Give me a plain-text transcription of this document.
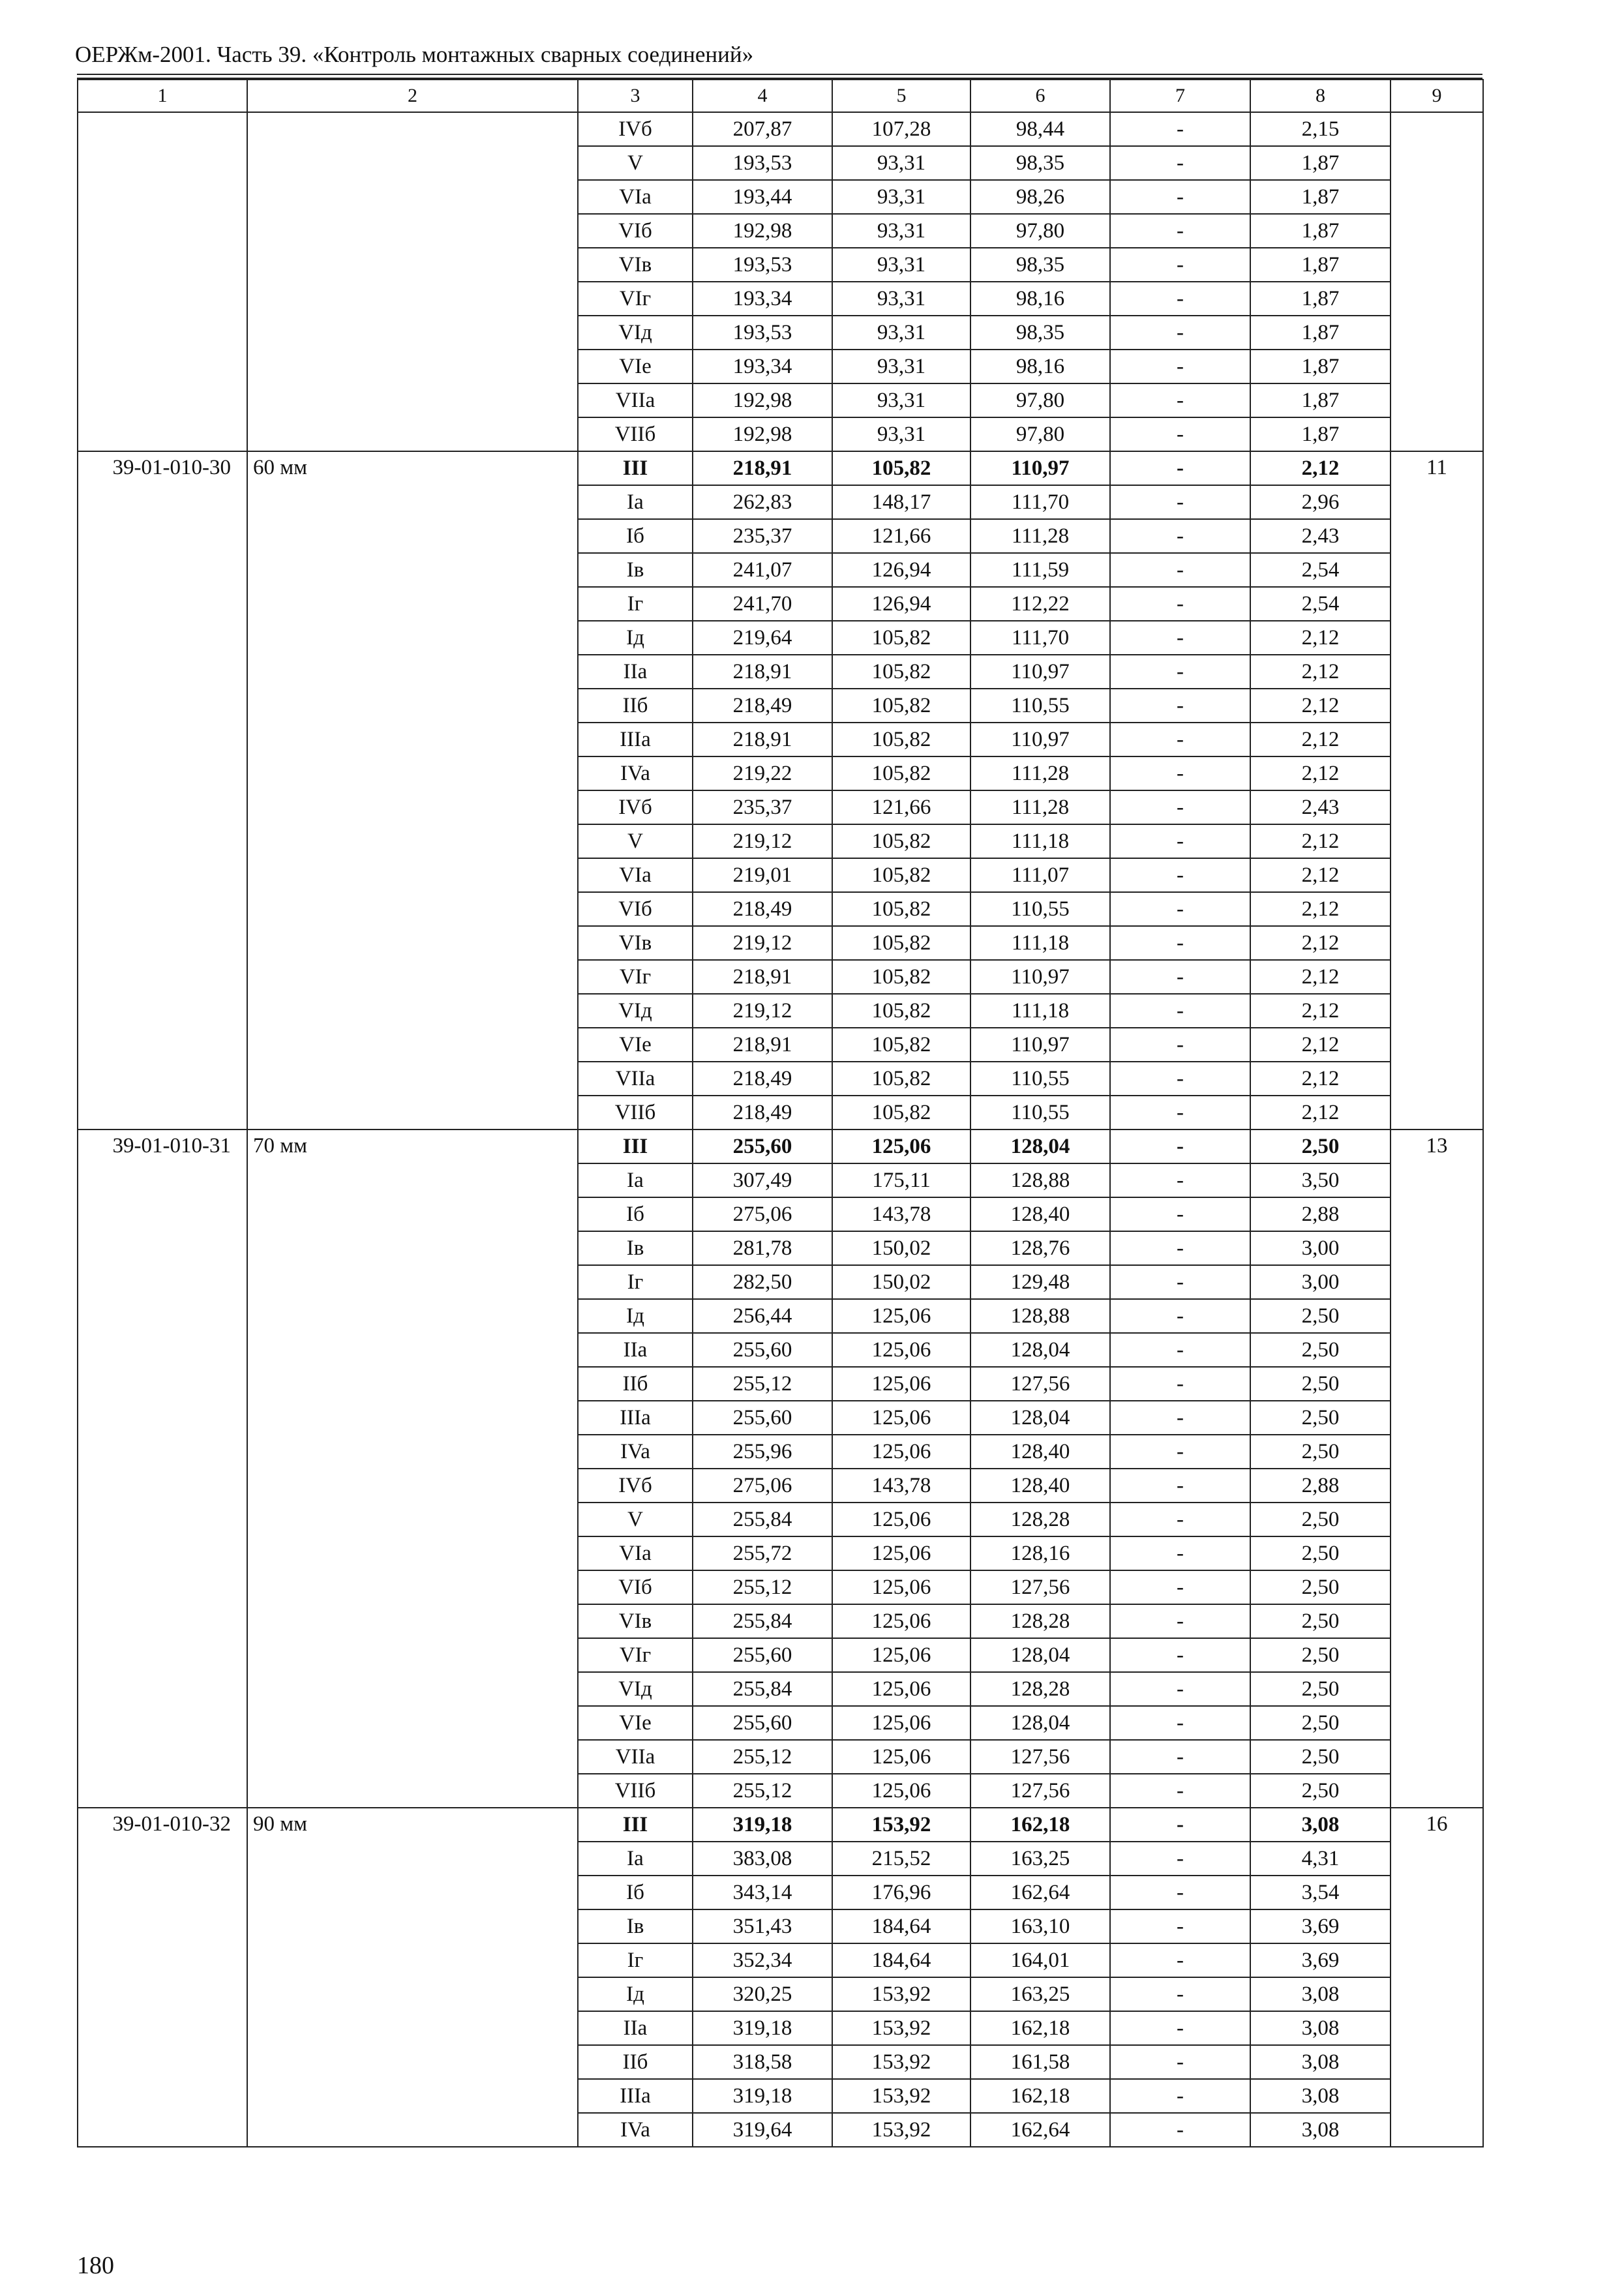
ОЕРЖм-2001. Часть 39. «Контроль монтажных сварных соединений»
1	2	3	4	5	6	7	8	9
		IVб	207,87	107,28	98,44	-	2,15	
		V	193,53	93,31	98,35	-	1,87	
		VIa	193,44	93,31	98,26	-	1,87	
		VIб	192,98	93,31	97,80	-	1,87	
		VIв	193,53	93,31	98,35	-	1,87	
		VIг	193,34	93,31	98,16	-	1,87	
		VIд	193,53	93,31	98,35	-	1,87	
		VIe	193,34	93,31	98,16	-	1,87	
		VIIa	192,98	93,31	97,80	-	1,87	
		VIIб	192,98	93,31	97,80	-	1,87	
39-01-010-30	60 мм	III	218,91	105,82	110,97	-	2,12	11
		Ia	262,83	148,17	111,70	-	2,96	
		Iб	235,37	121,66	111,28	-	2,43	
		Iв	241,07	126,94	111,59	-	2,54	
		Iг	241,70	126,94	112,22	-	2,54	
		Iд	219,64	105,82	111,70	-	2,12	
		IIa	218,91	105,82	110,97	-	2,12	
		IIб	218,49	105,82	110,55	-	2,12	
		IIIa	218,91	105,82	110,97	-	2,12	
		IVa	219,22	105,82	111,28	-	2,12	
		IVб	235,37	121,66	111,28	-	2,43	
		V	219,12	105,82	111,18	-	2,12	
		VIa	219,01	105,82	111,07	-	2,12	
		VIб	218,49	105,82	110,55	-	2,12	
		VIв	219,12	105,82	111,18	-	2,12	
		VIг	218,91	105,82	110,97	-	2,12	
		VIд	219,12	105,82	111,18	-	2,12	
		VIe	218,91	105,82	110,97	-	2,12	
		VIIa	218,49	105,82	110,55	-	2,12	
		VIIб	218,49	105,82	110,55	-	2,12	
39-01-010-31	70 мм	III	255,60	125,06	128,04	-	2,50	13
		Ia	307,49	175,11	128,88	-	3,50	
		Iб	275,06	143,78	128,40	-	2,88	
		Iв	281,78	150,02	128,76	-	3,00	
		Iг	282,50	150,02	129,48	-	3,00	
		Iд	256,44	125,06	128,88	-	2,50	
		IIa	255,60	125,06	128,04	-	2,50	
		IIб	255,12	125,06	127,56	-	2,50	
		IIIa	255,60	125,06	128,04	-	2,50	
		IVa	255,96	125,06	128,40	-	2,50	
		IVб	275,06	143,78	128,40	-	2,88	
		V	255,84	125,06	128,28	-	2,50	
		VIa	255,72	125,06	128,16	-	2,50	
		VIб	255,12	125,06	127,56	-	2,50	
		VIв	255,84	125,06	128,28	-	2,50	
		VIг	255,60	125,06	128,04	-	2,50	
		VIд	255,84	125,06	128,28	-	2,50	
		VIe	255,60	125,06	128,04	-	2,50	
		VIIa	255,12	125,06	127,56	-	2,50	
		VIIб	255,12	125,06	127,56	-	2,50	
39-01-010-32	90 мм	III	319,18	153,92	162,18	-	3,08	16
		Ia	383,08	215,52	163,25	-	4,31	
		Iб	343,14	176,96	162,64	-	3,54	
		Iв	351,43	184,64	163,10	-	3,69	
		Iг	352,34	184,64	164,01	-	3,69	
		Iд	320,25	153,92	163,25	-	3,08	
		IIa	319,18	153,92	162,18	-	3,08	
		IIб	318,58	153,92	161,58	-	3,08	
		IIIa	319,18	153,92	162,18	-	3,08	
		IVa	319,64	153,92	162,64	-	3,08	
180
